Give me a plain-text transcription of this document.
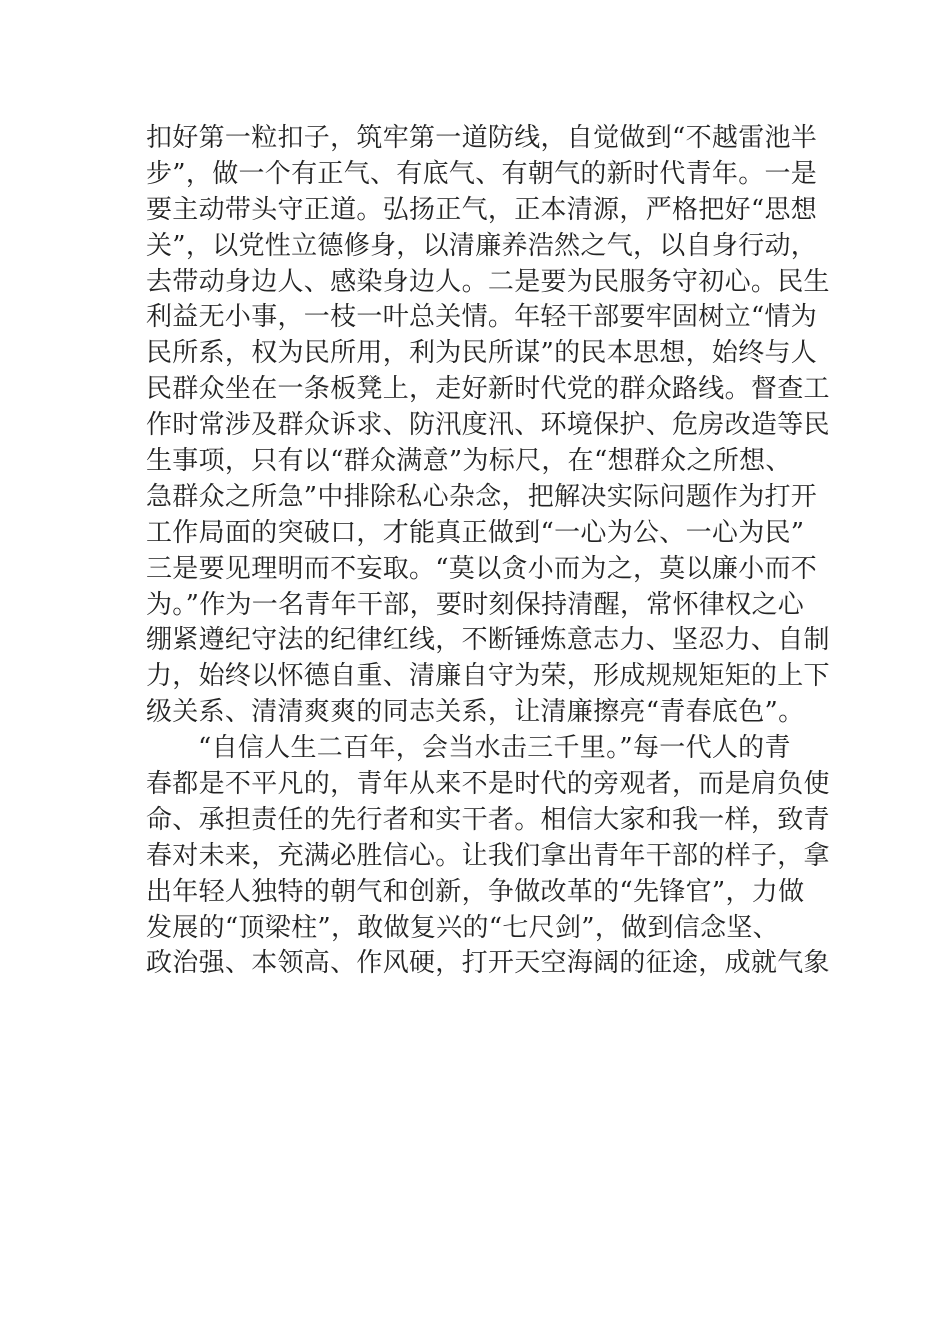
扣好第一粒扣子，筑牢第一道防线，自觉做到“不越雷池半
步”，做一个有正气、有底气、有朝气的新时代青年。一是
要主动带头守正道。弘扬正气，正本清源，严格把好“思想
关”，以党性立德修身，以清廉养浩然之气，以自身行动，
去带动身边人、感染身边人。二是要为民服务守初心。民生
利益无小事，一枝一叶总关情。年轻干部要牢固树立“情为
民所系，权为民所用，利为民所谋”的民本思想，始终与人
民群众坐在一条板凳上，走好新时代党的群众路线。督查工
作时常涉及群众诉求、防汛度汛、环境保护、危房改造等民
生事项，只有以“群众满意”为标尺，在“想群众之所想、
急群众之所急”中排除私心杂念，把解决实际问题作为打开
工作局面的突破口，才能真正做到“一心为公、一心为民”
三是要见理明而不妄取。“莫以贪小而为之，莫以廉小而不
为。”作为一名青年干部，要时刻保持清醒，常怀律权之心
绷紧遵纪守法的纪律红线，不断锤炼意志力、坚忍力、自制
力，始终以怀德自重、清廉自守为荣，形成规规矩矩的上下
级关系、清清爽爽的同志关系，让清廉擦亮“青春底色”。
“自信人生二百年，会当水击三千里。”每一代人的青
春都是不平凡的，青年从来不是时代的旁观者，而是肩负使
命、承担责任的先行者和实干者。相信大家和我一样，致青
春对未来，充满必胜信心。让我们拿出青年干部的样子，拿
出年轻人独特的朝气和创新，争做改革的“先锋官”，力做
发展的“顶梁柱”，敢做复兴的“七尺剑”，做到信念坚、
政治强、本领高、作风硬，打开天空海阔的征途，成就气象
